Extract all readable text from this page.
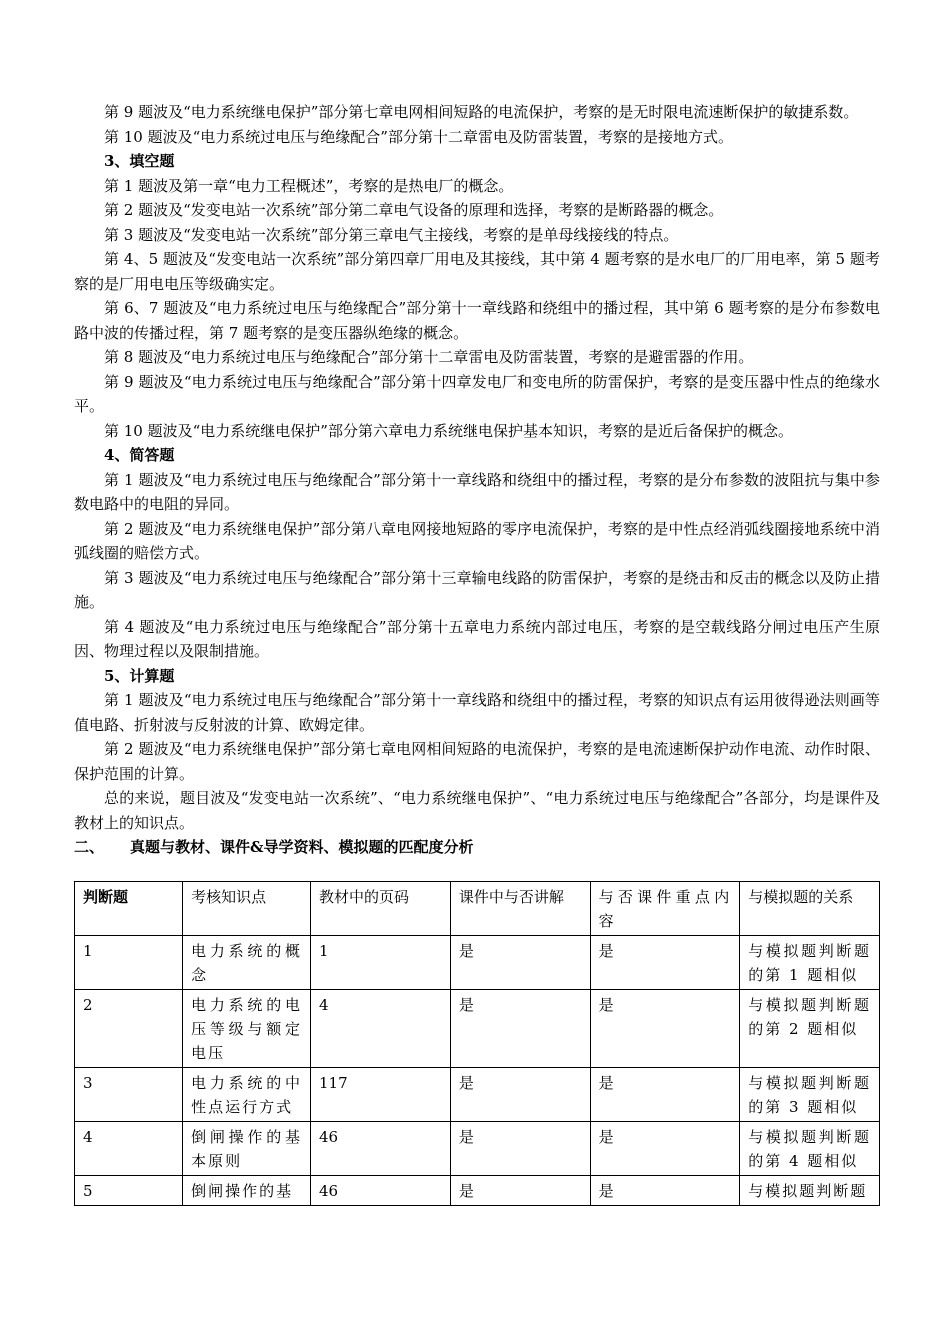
第 9 题波及“电力系统继电保护”部分第七章电网相间短路的电流保护，考察的是无时限电流速断保护的敏捷系数。

第 10 题波及“电力系统过电压与绝缘配合”部分第十二章雷电及防雷装置，考察的是接地方式。

3、填空题

第 1 题波及第一章“电力工程概述”，考察的是热电厂的概念。

第 2 题波及“发变电站一次系统”部分第二章电气设备的原理和选择，考察的是断路器的概念。

第 3 题波及“发变电站一次系统”部分第三章电气主接线，考察的是单母线接线的特点。

第 4、5 题波及“发变电站一次系统”部分第四章厂用电及其接线，其中第 4 题考察的是水电厂的厂用电率，第 5 题考察的是厂用电电压等级确实定。

第 6、7 题波及“电力系统过电压与绝缘配合”部分第十一章线路和绕组中的播过程，其中第 6 题考察的是分布参数电路中波的传播过程，第 7 题考察的是变压器纵绝缘的概念。

第 8 题波及“电力系统过电压与绝缘配合”部分第十二章雷电及防雷装置，考察的是避雷器的作用。

第 9 题波及“电力系统过电压与绝缘配合”部分第十四章发电厂和变电所的防雷保护，考察的是变压器中性点的绝缘水平。

第 10 题波及“电力系统继电保护”部分第六章电力系统继电保护基本知识，考察的是近后备保护的概念。

4、简答题

第 1 题波及“电力系统过电压与绝缘配合”部分第十一章线路和绕组中的播过程，考察的是分布参数的波阻抗与集中参数电路中的电阻的异同。

第 2 题波及“电力系统继电保护”部分第八章电网接地短路的零序电流保护，考察的是中性点经消弧线圈接地系统中消弧线圈的赔偿方式。

第 3 题波及“电力系统过电压与绝缘配合”部分第十三章输电线路的防雷保护，考察的是绕击和反击的概念以及防止措施。

第 4 题波及“电力系统过电压与绝缘配合”部分第十五章电力系统内部过电压，考察的是空载线路分闸过电压产生原因、物理过程以及限制措施。

5、计算题

第 1 题波及“电力系统过电压与绝缘配合”部分第十一章线路和绕组中的播过程，考察的知识点有运用彼得逊法则画等值电路、折射波与反射波的计算、欧姆定律。

第 2 题波及“电力系统继电保护”部分第七章电网相间短路的电流保护，考察的是电流速断保护动作电流、动作时限、保护范围的计算。

总的来说，题目波及“发变电站一次系统”、“电力系统继电保护”、“电力系统过电压与绝缘配合”各部分，均是课件及教材上的知识点。

二、 真题与教材、课件&导学资料、模拟题的匹配度分析

判断题	考核知识点	教材中的页码	课件中与否讲解	与否课件重点内容	与模拟题的关系
1	电力系统的概念	1	是	是	与模拟题判断题的第 1 题相似
2	电力系统的电压等级与额定电压	4	是	是	与模拟题判断题的第 2 题相似
3	电力系统的中性点运行方式	117	是	是	与模拟题判断题的第 3 题相似
4	倒闸操作的基本原则	46	是	是	与模拟题判断题的第 4 题相似
5	倒闸操作的基	46	是	是	与模拟题判断题
